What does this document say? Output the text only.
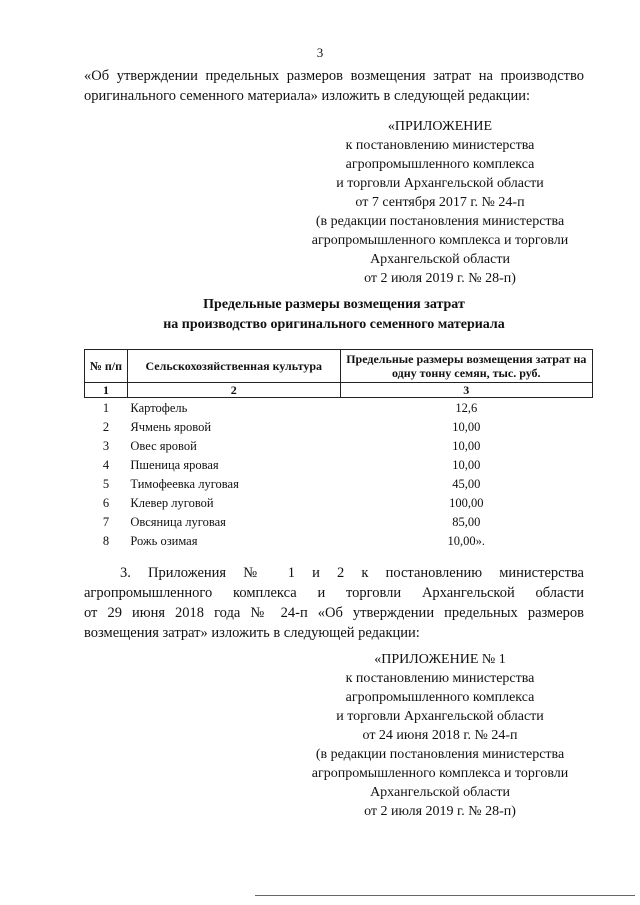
3
«Об утверждении предельных размеров возмещения затрат на производство
оригинального семенного материала» изложить в следующей редакции:
«ПРИЛОЖЕНИЕ
к постановлению министерства
агропромышленного комплекса
и торговли Архангельской области
от 7 сентября 2017 г. № 24-п
(в редакции постановления министерства
агропромышленного комплекса и торговли
Архангельской области
от 2 июля 2019 г. № 28-п)
Предельные размеры возмещения затрат
на производство оригинального семенного материала
№ п/п	Сельскохозяйственная культура	Предельные размеры возмещения затрат на одну тонну семян, тыс. руб.
1	2	3
1	Картофель	12,6
2	Ячмень яровой	10,00
3	Овес яровой	10,00
4	Пшеница яровая	10,00
5	Тимофеевка луговая	45,00
6	Клевер луговой	100,00
7	Овсяница луговая	85,00
8	Рожь озимая	10,00».
3. Приложения № 1 и 2 к постановлению министерства
агропромышленного комплекса и торговли Архангельской области
от 29 июня 2018 года № 24-п «Об утверждении предельных размеров
возмещения затрат» изложить в следующей редакции:
«ПРИЛОЖЕНИЕ № 1
к постановлению министерства
агропромышленного комплекса
и торговли Архангельской области
от 24 июня 2018 г. № 24-п
(в редакции постановления министерства
агропромышленного комплекса и торговли
Архангельской области
от 2 июля 2019 г. № 28-п)
